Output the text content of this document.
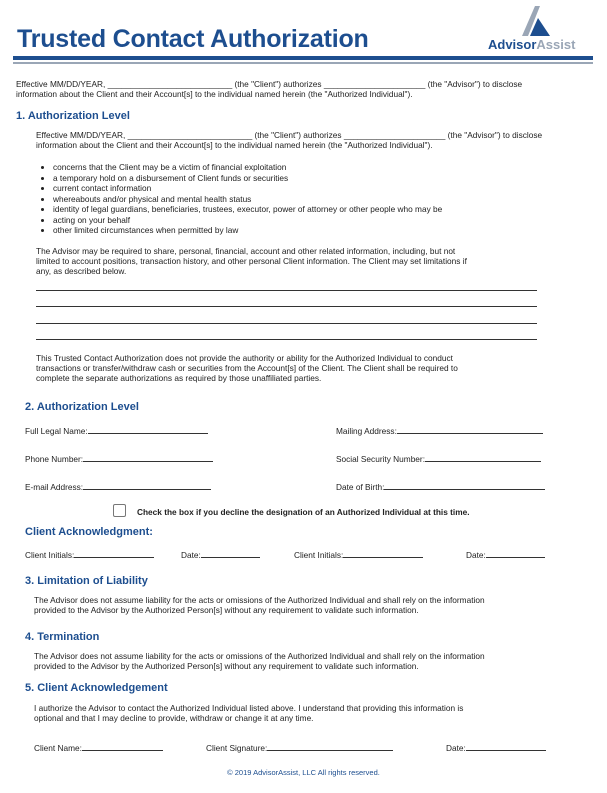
Trusted Contact Authorization	AdvisorAssist
Effective MM/DD/YEAR, ___________________________ (the "Client") authorizes ______________________ (the "Advisor") to disclose
information about the Client and their Account[s] to the individual named herein (the "Authorized Individual").
1. Authorization Level
Effective MM/DD/YEAR, ___________________________ (the "Client") authorizes ______________________ (the "Advisor") to disclose
information about the Client and their Account[s] to the individual named herein (the "Authorized Individual").
• concerns that the Client may be a victim of financial exploitation
• a temporary hold on a disbursement of Client funds or securities
• current contact information
• whereabouts and/or physical and mental health status
• identity of legal guardians, beneficiaries, trustees, executor, power of attorney or other people who may be
• acting on your behalf
• other limited circumstances when permitted by law
The Advisor may be required to share, personal, financial, account and other related information, including, but not
limited to account positions, transaction history, and other personal Client information. The Client may set limitations if
any, as described below.
This Trusted Contact Authorization does not provide the authority or ability for the Authorized Individual to conduct
transactions or transfer/withdraw cash or securities from the Account[s] of the Client. The Client shall be required to
complete the separate authorizations as required by those unaffiliated parties.
2. Authorization Level
Full Legal Name:	Mailing Address:
Phone Number:	Social Security Number:
E-mail Address:	Date of Birth:
Check the box if you decline the designation of an Authorized Individual at this time.
Client Acknowledgment:
Client Initials:	Date:	Client Initials:	Date:
3. Limitation of Liability
The Advisor does not assume liability for the acts or omissions of the Authorized Individual and shall rely on the information
provided to the Advisor by the Authorized Person[s] without any requirement to validate such information.
4. Termination
The Advisor does not assume liability for the acts or omissions of the Authorized Individual and shall rely on the information
provided to the Advisor by the Authorized Person[s] without any requirement to validate such information.
5. Client Acknowledgement
I authorize the Advisor to contact the Authorized Individual listed above. I understand that providing this information is
optional and that I may decline to provide, withdraw or change it at any time.
Client Name:	Client Signature:	Date:
© 2019 AdvisorAssist, LLC All rights reserved.
